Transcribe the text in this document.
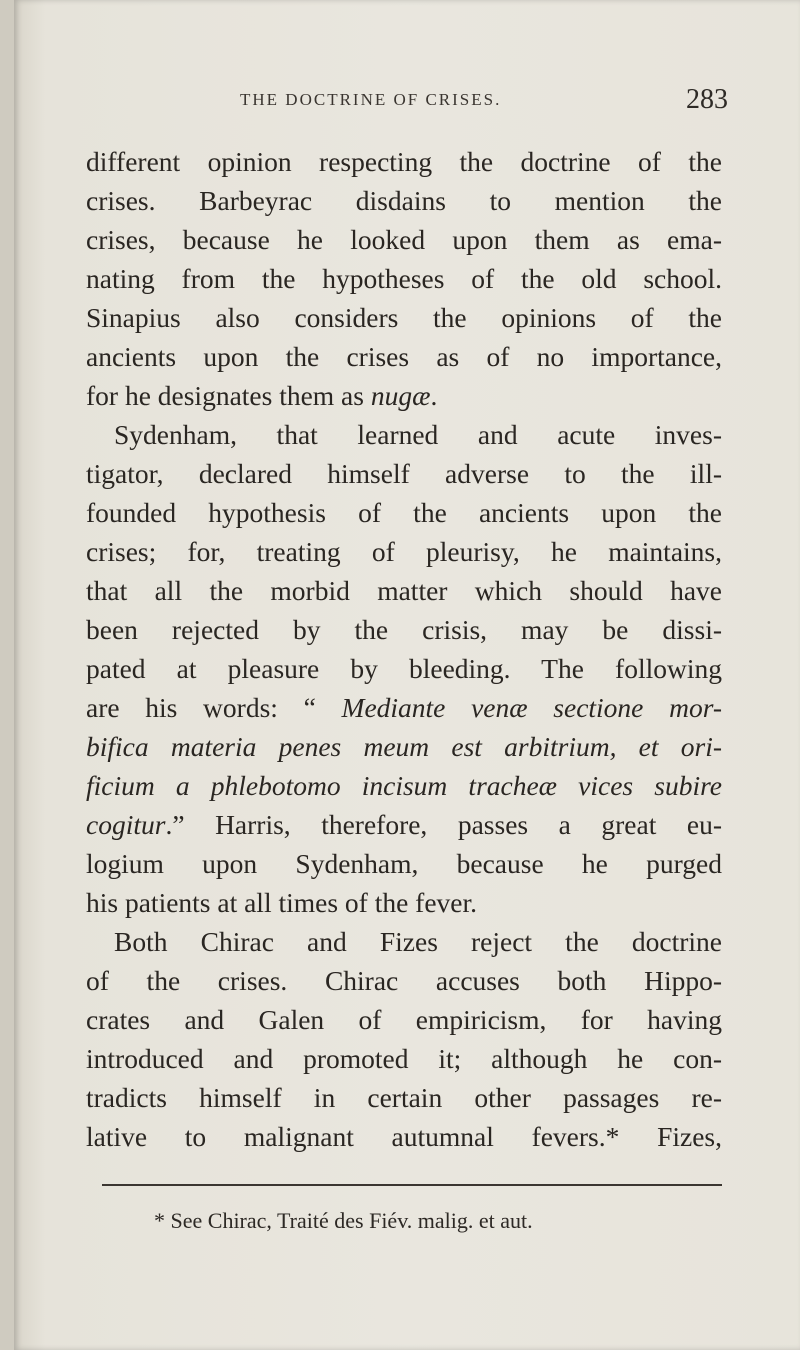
THE DOCTRINE OF CRISES.	283
different opinion respecting the doctrine of the
crises. Barbeyrac disdains to mention the
crises, because he looked upon them as ema-
nating from the hypotheses of the old school.
Sinapius also considers the opinions of the
ancients upon the crises as of no importance,
for he designates them as nugæ.
Sydenham, that learned and acute inves-
tigator, declared himself adverse to the ill-
founded hypothesis of the ancients upon the
crises; for, treating of pleurisy, he maintains,
that all the morbid matter which should have
been rejected by the crisis, may be dissi-
pated at pleasure by bleeding. The following
are his words: “ Mediante venæ sectione mor-
bifica materia penes meum est arbitrium, et ori-
ficium a phlebotomo incisum tracheæ vices subire
cogitur.” Harris, therefore, passes a great eu-
logium upon Sydenham, because he purged
his patients at all times of the fever.
Both Chirac and Fizes reject the doctrine
of the crises. Chirac accuses both Hippo-
crates and Galen of empiricism, for having
introduced and promoted it; although he con-
tradicts himself in certain other passages re-
lative to malignant autumnal fevers.* Fizes,
* See Chirac, Traité des Fiév. malig. et aut.
